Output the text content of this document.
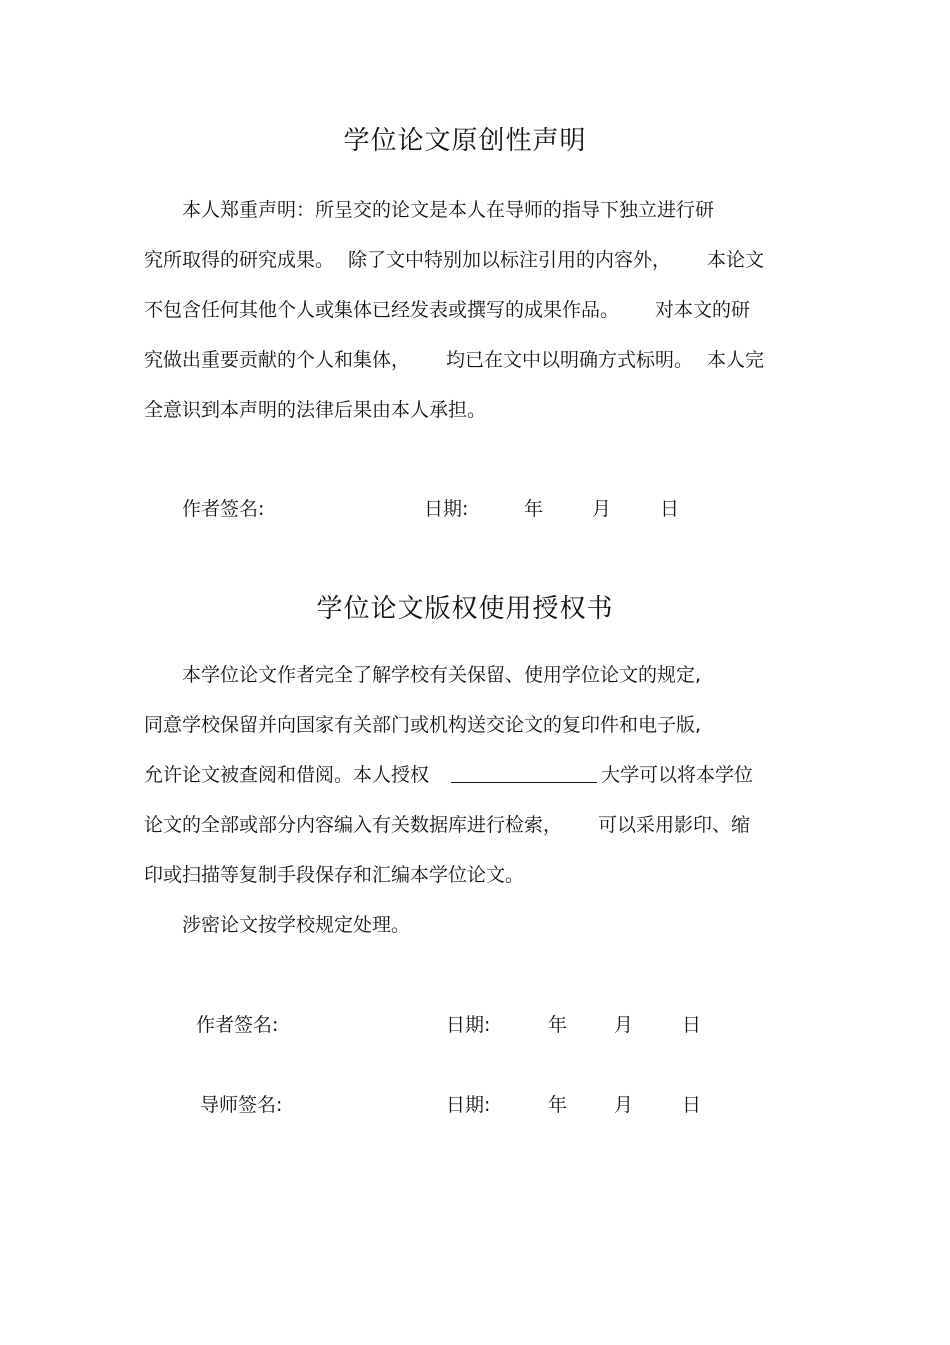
学位论文原创性声明
本人郑重声明：所呈交的论文是本人在导师的指导下独立进行研
究所取得的研究成果。 除了文中特别加以标注引用的内容外， 本论文
不包含任何其他个人或集体已经发表或撰写的成果作品。 对本文的研
究做出重要贡献的个人和集体， 均已在文中以明确方式标明。 本人完
全意识到本声明的法律后果由本人承担。
作者签名:	日期:	年	月	日
学位论文版权使用授权书
本学位论文作者完全了解学校有关保留、使用学位论文的规定,
同意学校保留并向国家有关部门或机构送交论文的复印件和电子版,
允许论文被查阅和借阅。本人授权	大学可以将本学位
论文的全部或部分内容编入有关数据库进行检索， 可以采用影印、缩
印或扫描等复制手段保存和汇编本学位论文。
涉密论文按学校规定处理。
作者签名:	日期:	年 月	日
导师签名:	日期:	年 月	日
